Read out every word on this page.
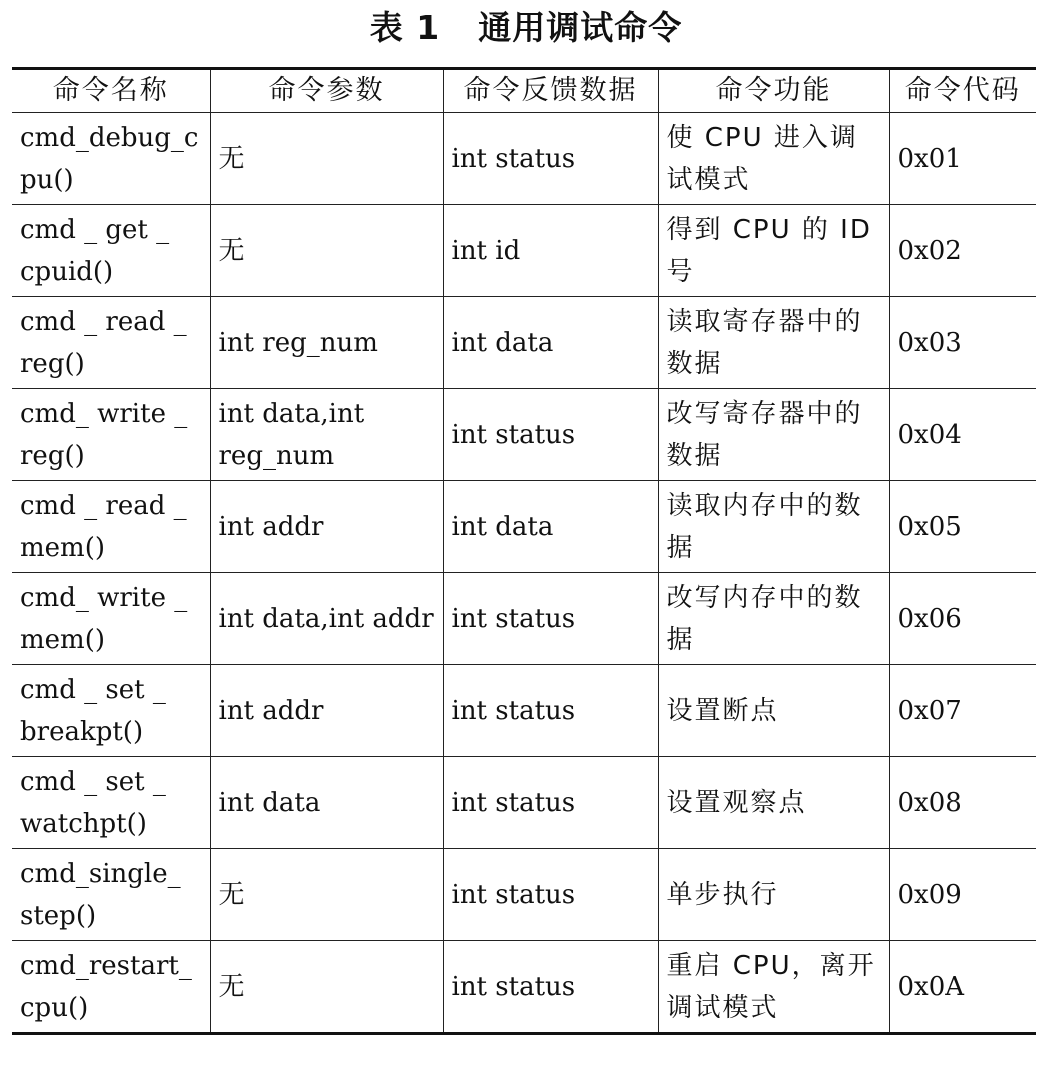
表 1 通用调试命令
命令名称	命令参数	命令反馈数据	命令功能	命令代码
cmd_debug_cpu()	无	int status	使 CPU 进入调试模式	0x01
cmd _ get _ cpuid()	无	int id	得到 CPU 的 ID 号	0x02
cmd _ read _ reg()	int reg_num	int data	读取寄存器中的数据	0x03
cmd_ write _ reg()	int data,int reg_num	int status	改写寄存器中的数据	0x04
cmd _ read _ mem()	int addr	int data	读取内存中的数据	0x05
cmd_ write _ mem()	int data,int addr	int status	改写内存中的数据	0x06
cmd _ set _ breakpt()	int addr	int status	设置断点	0x07
cmd _ set _ watchpt()	int data	int status	设置观察点	0x08
cmd_single_ step()	无	int status	单步执行	0x09
cmd_restart_ cpu()	无	int status	重启 CPU，离开调试模式	0x0A
